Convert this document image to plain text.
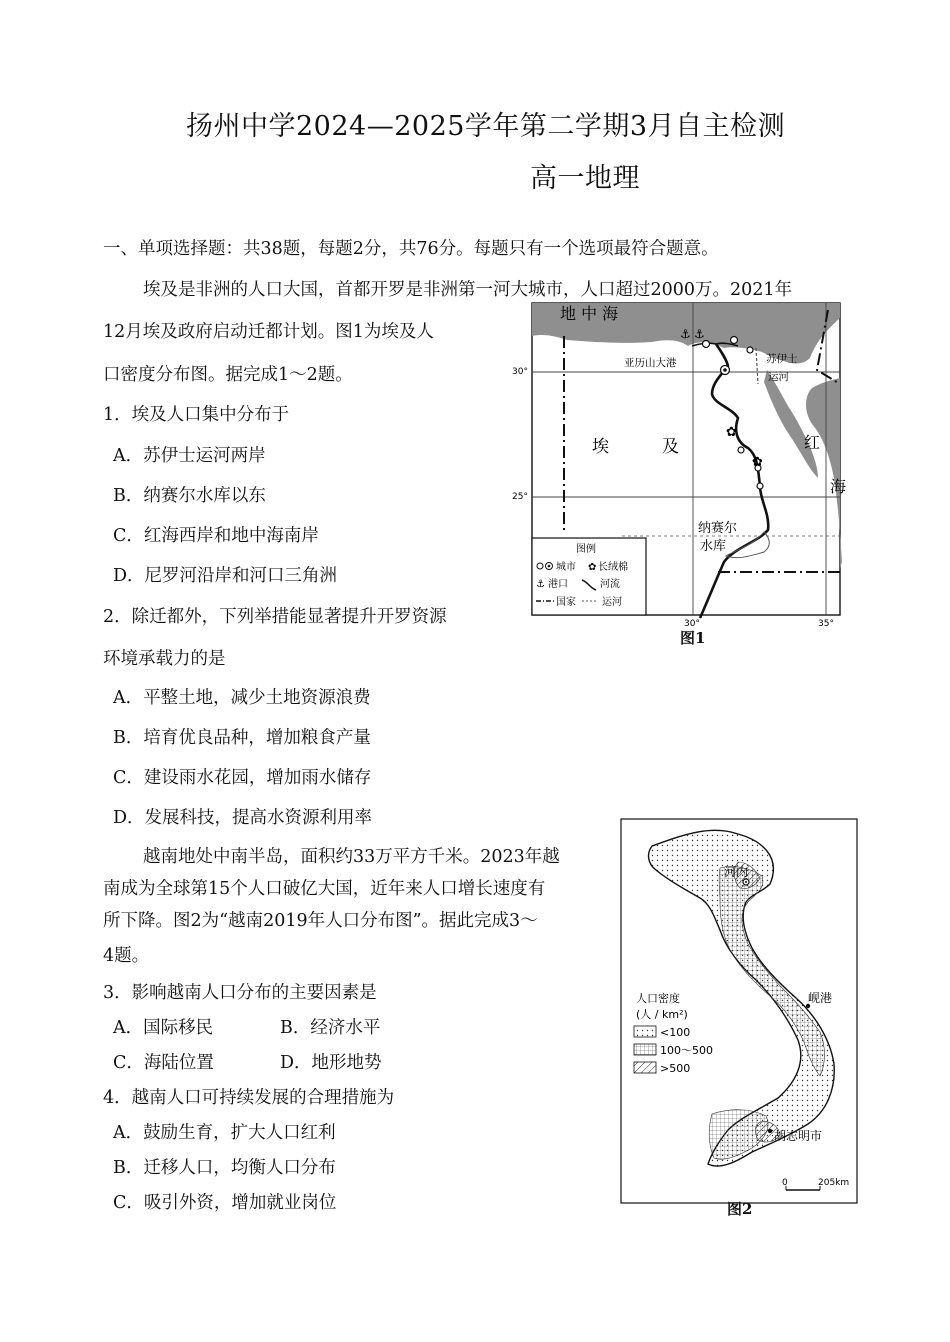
扬州中学2024—2025学年第二学期3月自主检测
高一地理
一、单项选择题：共38题，每题2分，共76分。每题只有一个选项最符合题意。
埃及是非洲的人口大国，首都开罗是非洲第一河大城市，人口超过2000万。2021年
12月埃及政府启动迁都计划。图1为埃及人
口密度分布图。据完成1～2题。
1．埃及人口集中分布于
A．苏伊士运河两岸
B．纳赛尔水库以东
C．红海西岸和地中海南岸
D．尼罗河沿岸和河口三角洲
2．除迁都外，下列举措能显著提升开罗资源
环境承载力的是
A．平整土地，减少土地资源浪费
B．培育优良品种，增加粮食产量
C．建设雨水花园，增加雨水储存
D．发展科技，提高水资源利用率
越南地处中南半岛，面积约33万平方千米。2023年越
南成为全球第15个人口破亿大国，近年来人口增长速度有
所下降。图2为“越南2019年人口分布图”。据此完成3～
4题。
3．影响越南人口分布的主要因素是
A．国际移民	B．经济水平
C．海陆位置	D．地形地势
4．越南人口可持续发展的合理措施为
A．鼓励生育，扩大人口红利
B．迁移人口，均衡人口分布
C．吸引外资，增加就业岗位
⚓ ⚓
✿
✿
地 中 海
红
海
埃	及
亚历山大港	苏伊士
运河
纳赛尔
水库
30°
25°
30°	35°
图例
城市 ✿ 长绒棉
⚓ 港口	河流
国家	运河
图1
河内
岘港
胡志明市
人口密度
(人 / km²)
<100
100～500
>500
0	205km
图2
